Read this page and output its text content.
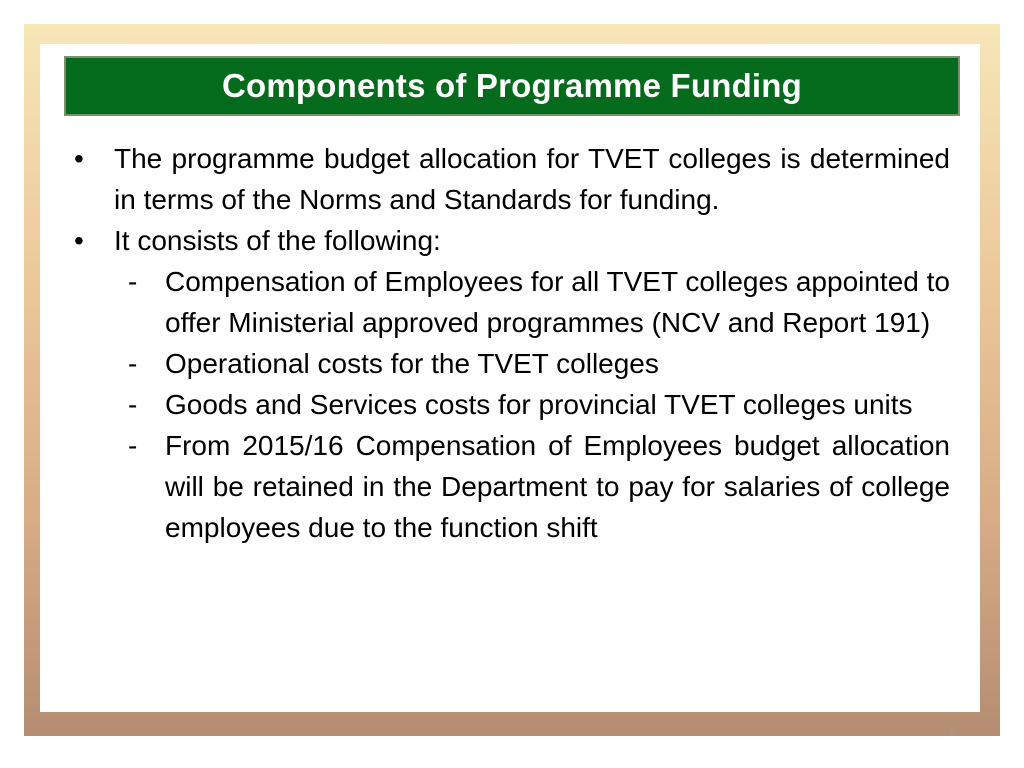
Components of Programme Funding
• The programme budget allocation for TVET colleges is determined in terms of the Norms and Standards for funding.
• It consists of the following:
- Compensation of Employees for all TVET colleges appointed to offer Ministerial approved programmes (NCV and Report 191)
- Operational costs for the TVET colleges
- Goods and Services costs for provincial TVET colleges units
- From 2015/16 Compensation of Employees budget allocation will be retained in the Department to pay for salaries of college employees due to the function shift
5
